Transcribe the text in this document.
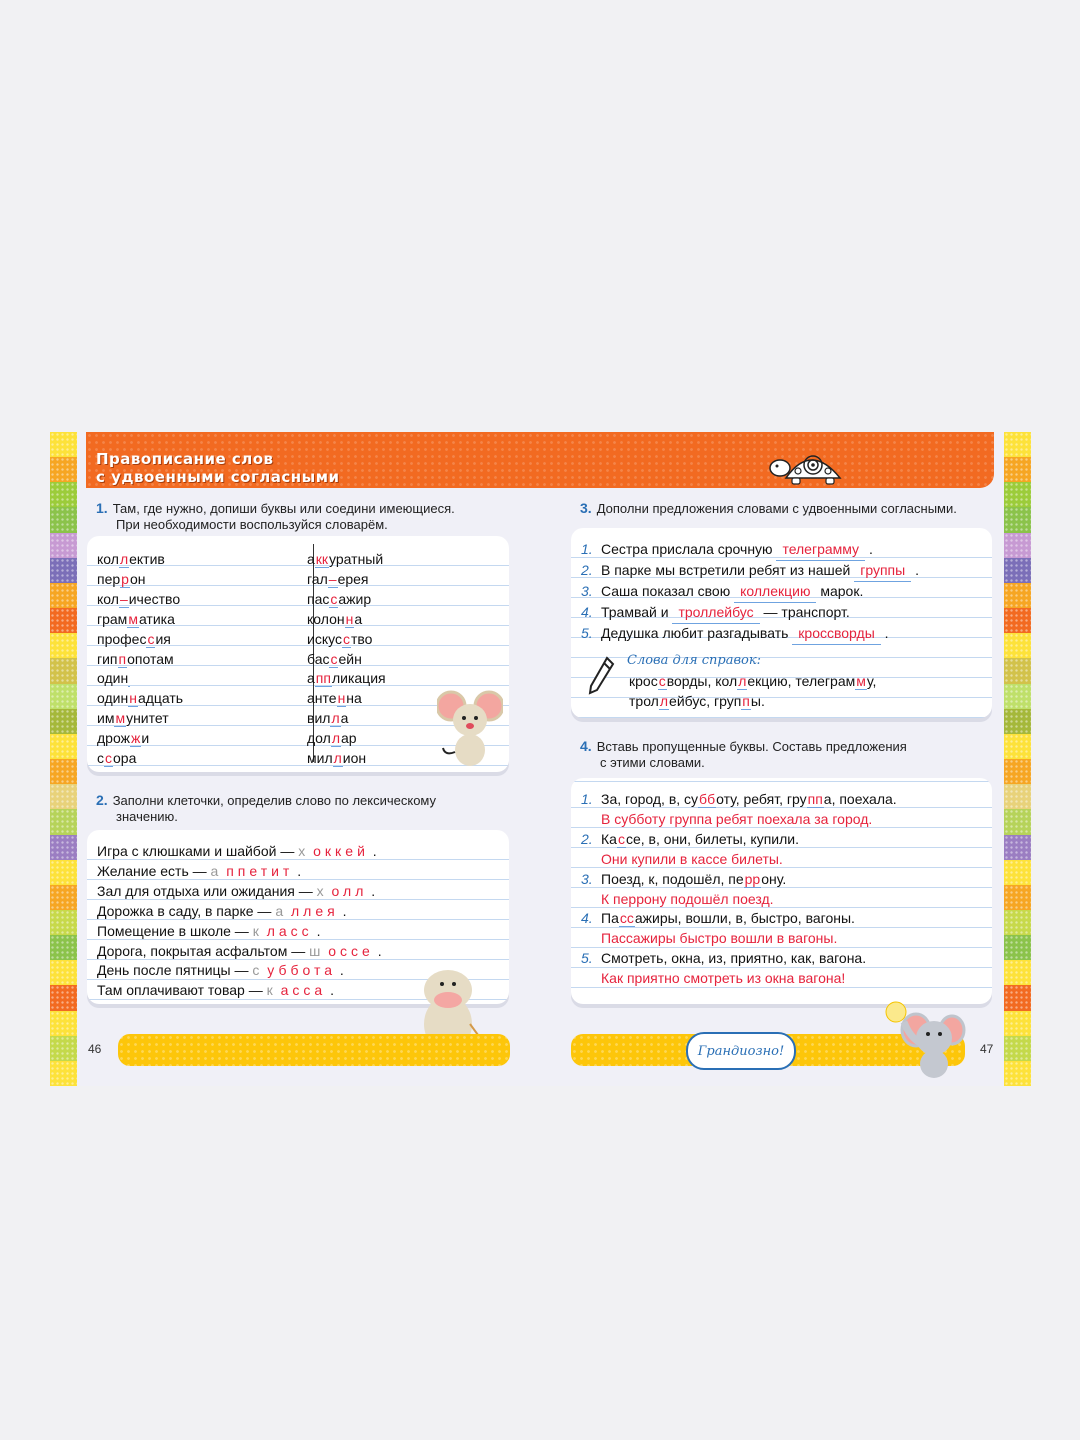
Правописание слов
с удвоенными согласными
1. Там, где нужно, допиши буквы или соедини имеющиеся.
При необходимости воспользуйся словарём.
коллектив
перрон
кол–ичество
грамматика
профессия
гиппопотам
один
одиннадцать
иммунитет
дрожжи
ссора
аккуратный
гал–ерея
пассажир
колонна
искусство
бассейн
аппликация
антенна
вилла
доллар
миллион
2. Заполни клеточки, определив слово по лексическому
значению.
Игра с клюшками и шайбой — х оккей .
Желание есть — а ппетит .
Зал для отдыха или ожидания — х олл .
Дорожка в саду, в парке — а ллея .
Помещение в школе — к ласс .
Дорога, покрытая асфальтом — ш оссе .
День после пятницы — с уббота .
Там оплачивают товар — к асса .
3. Дополни предложения словами с удвоенными согласными.
1. Сестра прислала срочную телеграмму .
2. В парке мы встретили ребят из нашей группы .
3. Саша показал свою коллекцию марок.
4. Трамвай и троллейбус — транспорт.
5. Дедушка любит разгадывать кроссворды .
Слова для справок:
кроссворды, коллекцию, телеграмму,
троллейбус, группы.
4. Вставь пропущенные буквы. Составь предложения
с этими словами.
1. За, город, в, субботу, ребят, группа, поехала.
В субботу группа ребят поехала за город.
2. Кассе, в, они, билеты, купили.
Они купили в кассе билеты.
3. Поезд, к, подошёл, перрону.
К перрону подошёл поезд.
4. Пассажиры, вошли, в, быстро, вагоны.
Пассажиры быстро вошли в вагоны.
5. Смотреть, окна, из, приятно, как, вагона.
Как приятно смотреть из окна вагона!
46	Грандиозно!	47
